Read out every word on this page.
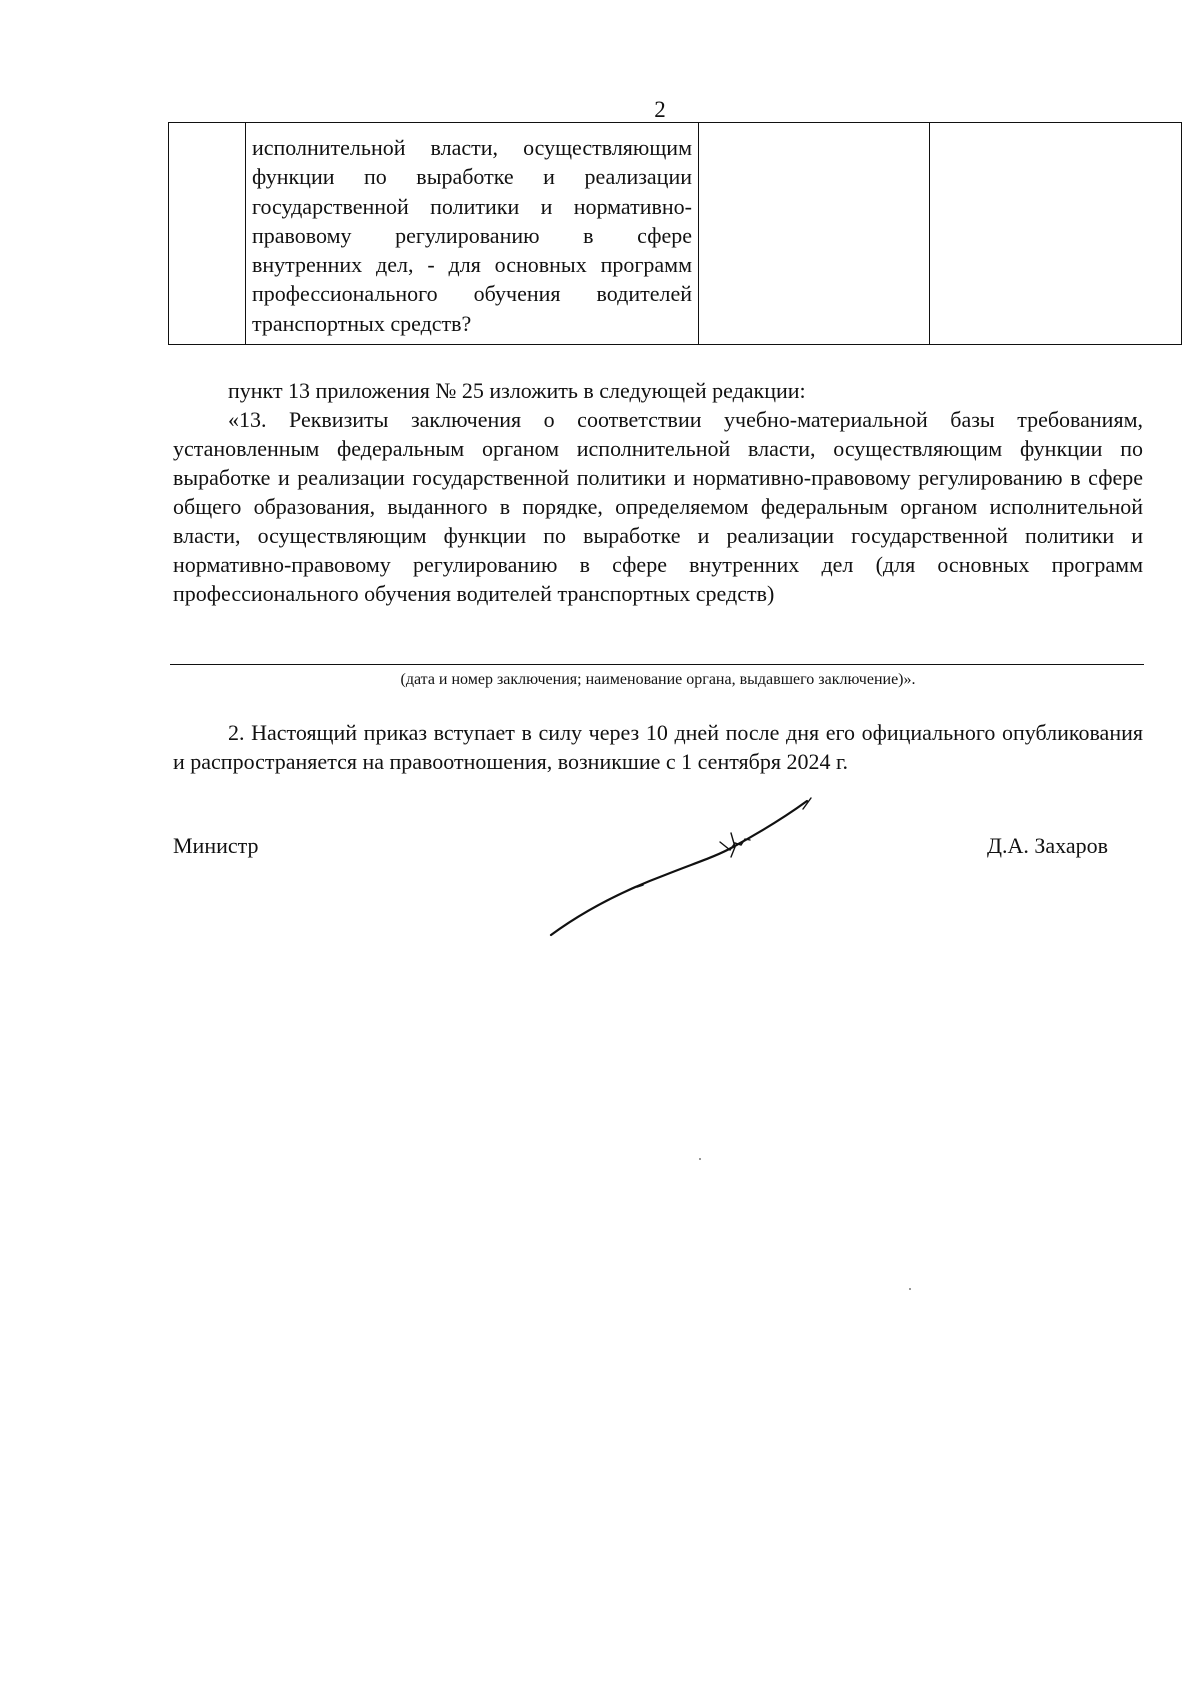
2

исполнительной власти, осуществляющим функции по выработке и реализации государственной политики и нормативно-правовому регулированию в сфере внутренних дел, - для основных программ профессионального обучения водителей транспортных средств?

пункт 13 приложения № 25 изложить в следующей редакции:
«13. Реквизиты заключения о соответствии учебно-материальной базы требованиям, установленным федеральным органом исполнительной власти, осуществляющим функции по выработке и реализации государственной политики и нормативно-правовому регулированию в сфере общего образования, выданного в порядке, определяемом федеральным органом исполнительной власти, осуществляющим функции по выработке и реализации государственной политики и нормативно-правовому регулированию в сфере внутренних дел (для основных программ профессионального обучения водителей транспортных средств)
(дата и номер заключения; наименование органа, выдавшего заключение)».
2. Настоящий приказ вступает в силу через 10 дней после дня его официального опубликования и распространяется на правоотношения, возникшие с 1 сентября 2024 г.
Министр	Д.А. Захаров
